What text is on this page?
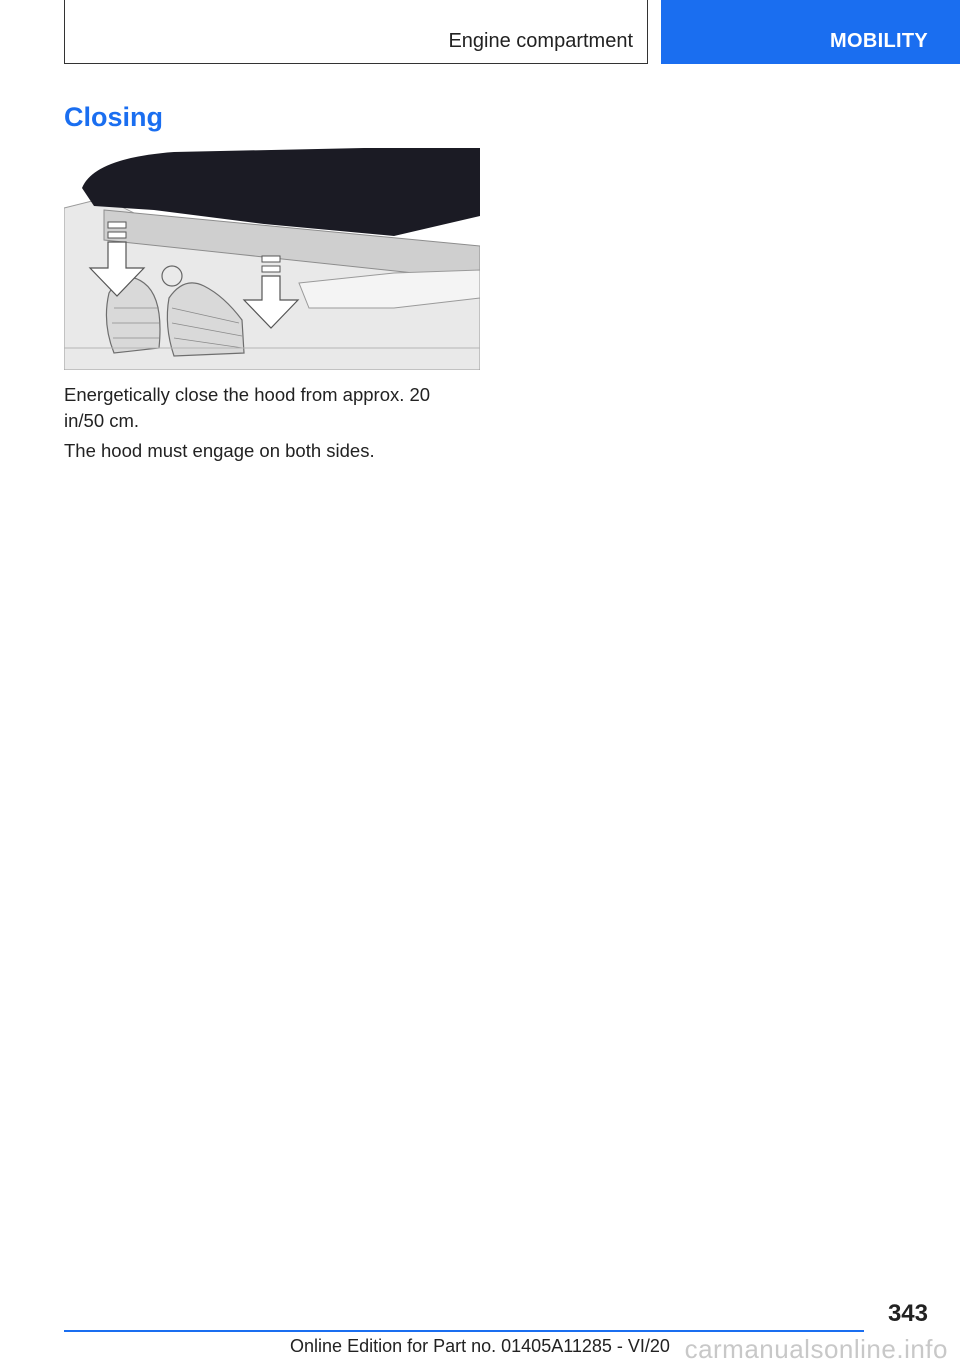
Engine compartment	MOBILITY
Closing
Energetically close the hood from approx. 20 in/50 cm.
The hood must engage on both sides.
343
Online Edition for Part no. 01405A11285 - VI/20 carmanualsonline.info
